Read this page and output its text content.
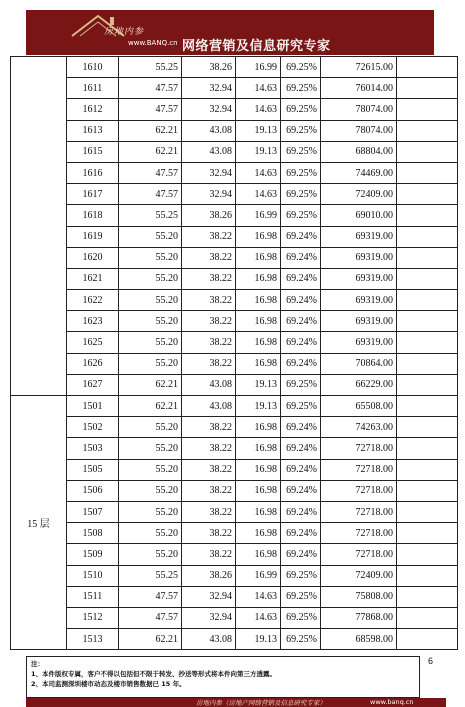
房地内参
www.BANQ.cn 网络营销及信息研究专家
	1610	55.25	38.26	16.99	69.25%	72615.00		
	1611	47.57	32.94	14.63	69.25%	76014.00		
	1612	47.57	32.94	14.63	69.25%	78074.00		
	1613	62.21	43.08	19.13	69.25%	78074.00		
	1615	62.21	43.08	19.13	69.25%	68804.00		
	1616	47.57	32.94	14.63	69.25%	74469.00		
	1617	47.57	32.94	14.63	69.25%	72409.00		
	1618	55.25	38.26	16.99	69.25%	69010.00		
	1619	55.20	38.22	16.98	69.24%	69319.00		
	1620	55.20	38.22	16.98	69.24%	69319.00		
	1621	55.20	38.22	16.98	69.24%	69319.00		
	1622	55.20	38.22	16.98	69.24%	69319.00		
	1623	55.20	38.22	16.98	69.24%	69319.00		
	1625	55.20	38.22	16.98	69.24%	69319.00		
	1626	55.20	38.22	16.98	69.24%	70864.00		
	1627	62.21	43.08	19.13	69.25%	66229.00		
15 层	1501	62.21	43.08	19.13	69.25%	65508.00		
	1502	55.20	38.22	16.98	69.24%	74263.00		
	1503	55.20	38.22	16.98	69.24%	72718.00		
	1505	55.20	38.22	16.98	69.24%	72718.00		
	1506	55.20	38.22	16.98	69.24%	72718.00		
	1507	55.20	38.22	16.98	69.24%	72718.00		
	1508	55.20	38.22	16.98	69.24%	72718.00		
	1509	55.20	38.22	16.98	69.24%	72718.00		
	1510	55.25	38.26	16.99	69.25%	72409.00		
	1511	47.57	32.94	14.63	69.25%	75808.00		
	1512	47.57	32.94	14.63	69.25%	77868.00		
	1513	62.21	43.08	19.13	69.25%	68598.00		
注：
1、本件版权专属，客户不得以包括但不限于转发、抄送等形式将本件向第三方透露。
2、本司监测深圳楼市动态及楼市销售数据已 15 年。
6
房地内参（房地产网络营销及信息研究专家）	www.banq.cn
